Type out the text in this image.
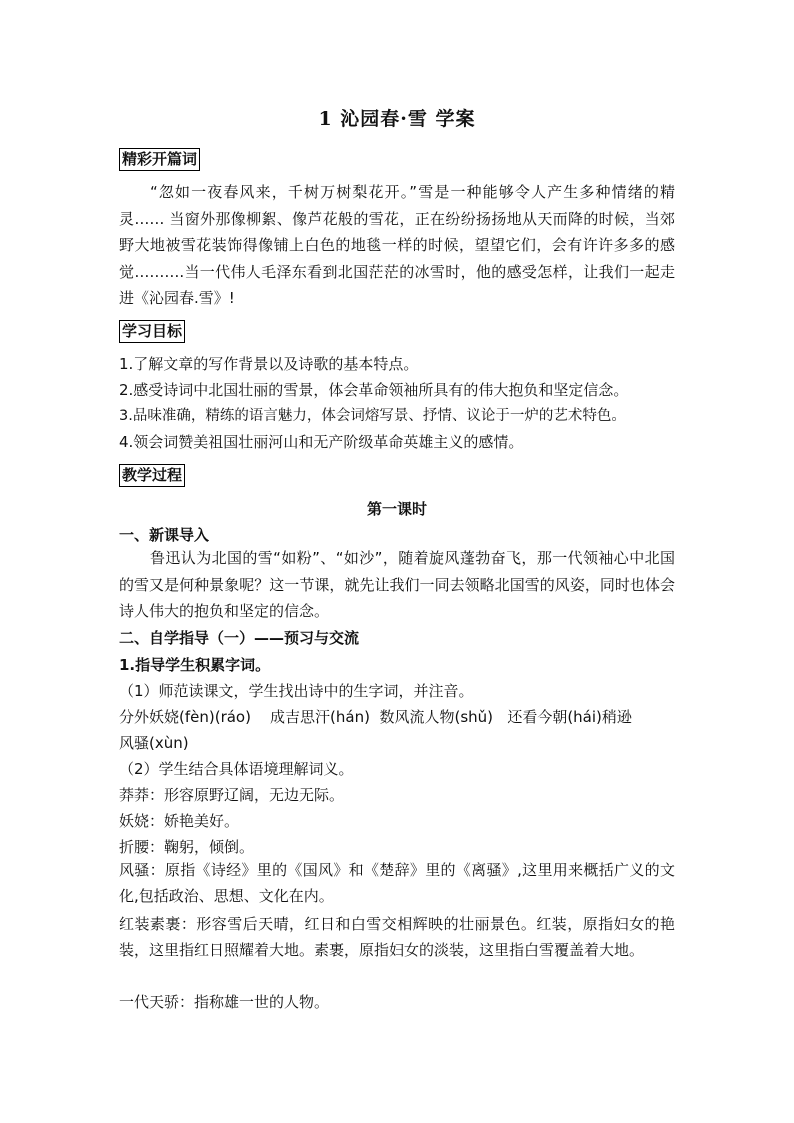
1 沁园春·雪 学案
精彩开篇词
“忽如一夜春风来，千树万树梨花开。”雪是一种能够令人产生多种情绪的精灵…… 当窗外那像柳絮、像芦花般的雪花，正在纷纷扬扬地从天而降的时候，当郊野大地被雪花装饰得像铺上白色的地毯一样的时候，望望它们，会有许许多多的感觉……….当一代伟人毛泽东看到北国茫茫的冰雪时，他的感受怎样，让我们一起走进《沁园春.雪》!
学习目标
1.了解文章的写作背景以及诗歌的基本特点。
2.感受诗词中北国壮丽的雪景，体会革命领袖所具有的伟大抱负和坚定信念。
3.品味准确，精练的语言魅力，体会词熔写景、抒情、议论于一炉的艺术特色。
4.领会词赞美祖国壮丽河山和无产阶级革命英雄主义的感情。
教学过程
第一课时
一、新课导入
鲁迅认为北国的雪“如粉”、“如沙”，随着旋风蓬勃奋飞，那一代领袖心中北国的雪又是何种景象呢？这一节课，就先让我们一同去领略北国雪的风姿，同时也体会诗人伟大的抱负和坚定的信念。
二、自学指导（一）——预习与交流
1.指导学生积累字词。
（1）师范读课文，学生找出诗中的生字词，并注音。
分外妖娆(fèn)(ráo)    成吉思汗(hán)  数风流人物(shǔ)   还看今朝(hái)稍逊
风骚(xùn)
（2）学生结合具体语境理解词义。
莽莽：形容原野辽阔，无边无际。
妖娆：娇艳美好。
折腰：鞠躬，倾倒。
风骚：原指《诗经》里的《国风》和《楚辞》里的《离骚》,这里用来概括广义的文化,包括政治、思想、文化在内。
红装素裹：形容雪后天晴，红日和白雪交相辉映的壮丽景色。红装，原指妇女的艳装，这里指红日照耀着大地。素裹，原指妇女的淡装，这里指白雪覆盖着大地。
一代天骄：指称雄一世的人物。
